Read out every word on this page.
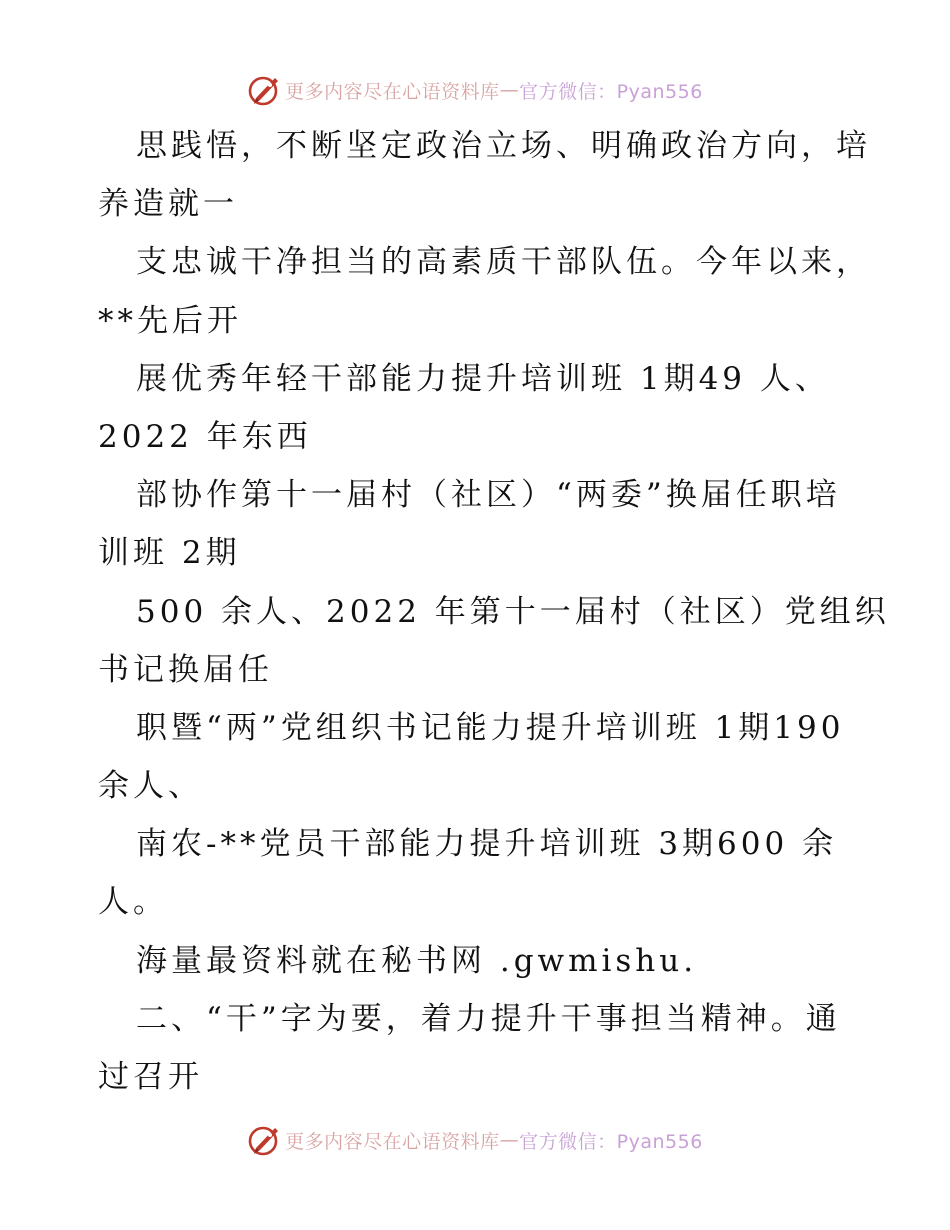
更多内容尽在心语资料库 — 官方微信：Pyan556
思践悟，不断坚定政治立场、明确政治方向，培
养造就一
支忠诚干净担当的高素质干部队伍。今年以来，
**先后开
展优秀年轻干部能力提升培训班 1期49 人、
2022 年东西
部协作第十一届村（社区）“两委”换届任职培
训班 2期
500 余人、2022 年第十一届村（社区）党组织
书记换届任
职暨“两”党组织书记能力提升培训班 1期190
余人、
南农-**党员干部能力提升培训班 3期600 余
人。
海量最资料就在秘书网 .gwmishu.
二、“干”字为要，着力提升干事担当精神。通
过召开
更多内容尽在心语资料库 — 官方微信：Pyan556
